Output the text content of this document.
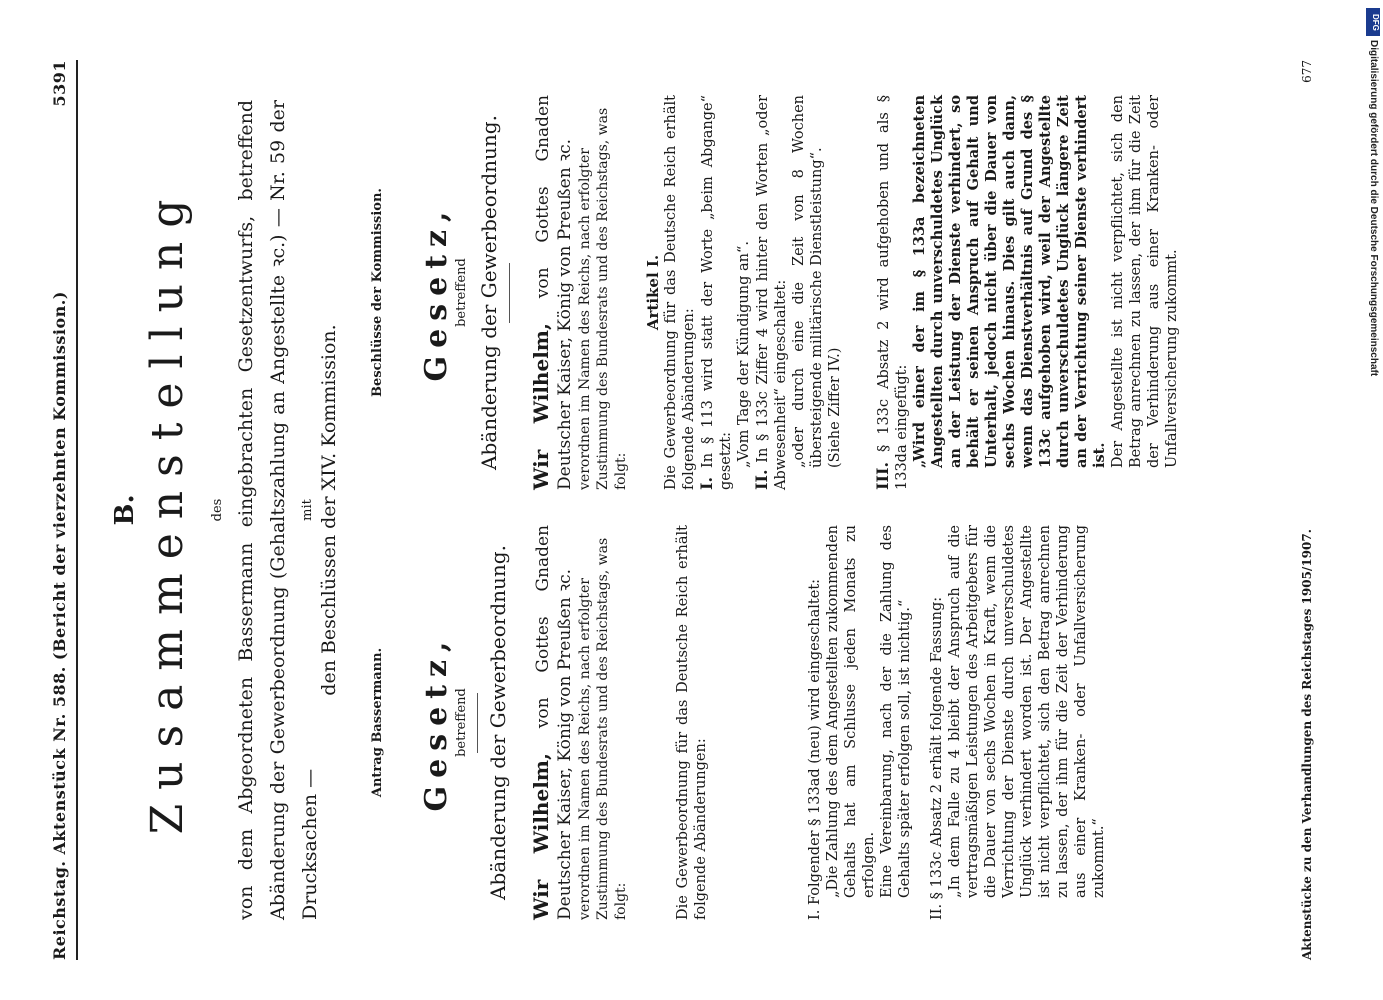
Reichstag. Aktenstück Nr. 588. (Bericht der vierzehnten Kommission.)
5391
B. Zusammenstellung des von dem Abgeordneten Bassermann eingebrachten Gesetzentwurfs, betreffend Abänderung der Gewerbeordnung (Gehaltszahlung an Angestellte ꝛc.) — Nr. 59 der Drucksachen —
mit den Beschlüssen der XIV. Kommission.
Antrag Bassermann. Gesetz, betreffend Abänderung der Gewerbeordnung. Wir Wilhelm, von Gottes Gnaden Deutscher Kaiser, König von Preußen ꝛc. verordnen im Namen des Reichs, nach erfolgter Zustimmung des Bundesrats und des Reichstags, was folgt:	Die Gewerbeordnung für das Deutsche Reich erhält folgende Abänderungen:	I. Folgender § 133ad (neu) wird eingeschaltet: „Die Zahlung des dem Angestellten zukommenden Gehalts hat am Schlusse jeden Monats zu erfolgen. Eine Vereinbarung, nach der die Zahlung des Gehalts später erfolgen soll, ist nichtig.“ II. § 133c Absatz 2 erhält folgende Fassung: „In dem Falle zu 4 bleibt der Anspruch auf die vertragsmäßigen Leistungen des Arbeitgebers für die Dauer von sechs Wochen in Kraft, wenn die Verrichtung der Dienste durch unverschuldetes Unglück verhindert worden ist. Der Angestellte ist nicht verpflichtet, sich den Betrag anrechnen zu lassen, der ihm für die Zeit der Verhinderung aus einer Kranken- oder Unfallversicherung zukommt.“
Beschlüsse der Kommission. Gesetz, betreffend Abänderung der Gewerbeordnung. Wir Wilhelm, von Gottes Gnaden Deutscher Kaiser, König von Preußen ꝛc. verordnen im Namen des Reichs, nach erfolgter Zustimmung des Bundesrats und des Reichstags, was folgt:
Artikel I. Die Gewerbeordnung für das Deutsche Reich erhält folgende Abänderungen: I. In § 113 wird statt der Worte „beim Abgange“ gesetzt: „Vom Tage der Kündigung an“.
II. In § 133c Ziffer 4 wird hinter den Worten „oder Abwesenheit“ eingeschaltet: „oder durch eine die Zeit von 8 Wochen übersteigende militärische Dienstleistung“. (Siehe Ziffer IV.)
III. § 133c Absatz 2 wird aufgehoben und als § 133da eingefügt: „Wird einer der im § 133a bezeichneten Angestellten durch unverschuldetes Unglück an der Leistung der Dienste verhindert, so behält er seinen Anspruch auf Gehalt und Unterhalt, jedoch nicht über die Dauer von sechs Wochen hinaus. Dies gilt auch dann, wenn das Dienstverhältnis auf Grund des § 133c aufgehoben wird, weil der Angestellte durch unverschuldetes Unglück längere Zeit an der Verrichtung seiner Dienste verhindert ist. Der Angestellte ist nicht verpflichtet, sich den Betrag anrechnen zu lassen, der ihm für die Zeit der Verhinderung aus einer Kranken- oder Unfallversicherung zukommt.
Aktenstücke zu den Verhandlungen des Reichstages 1905/1907.
677
DFG
Digitalisierung gefördert durch die Deutsche Forschungsgemeinschaft
